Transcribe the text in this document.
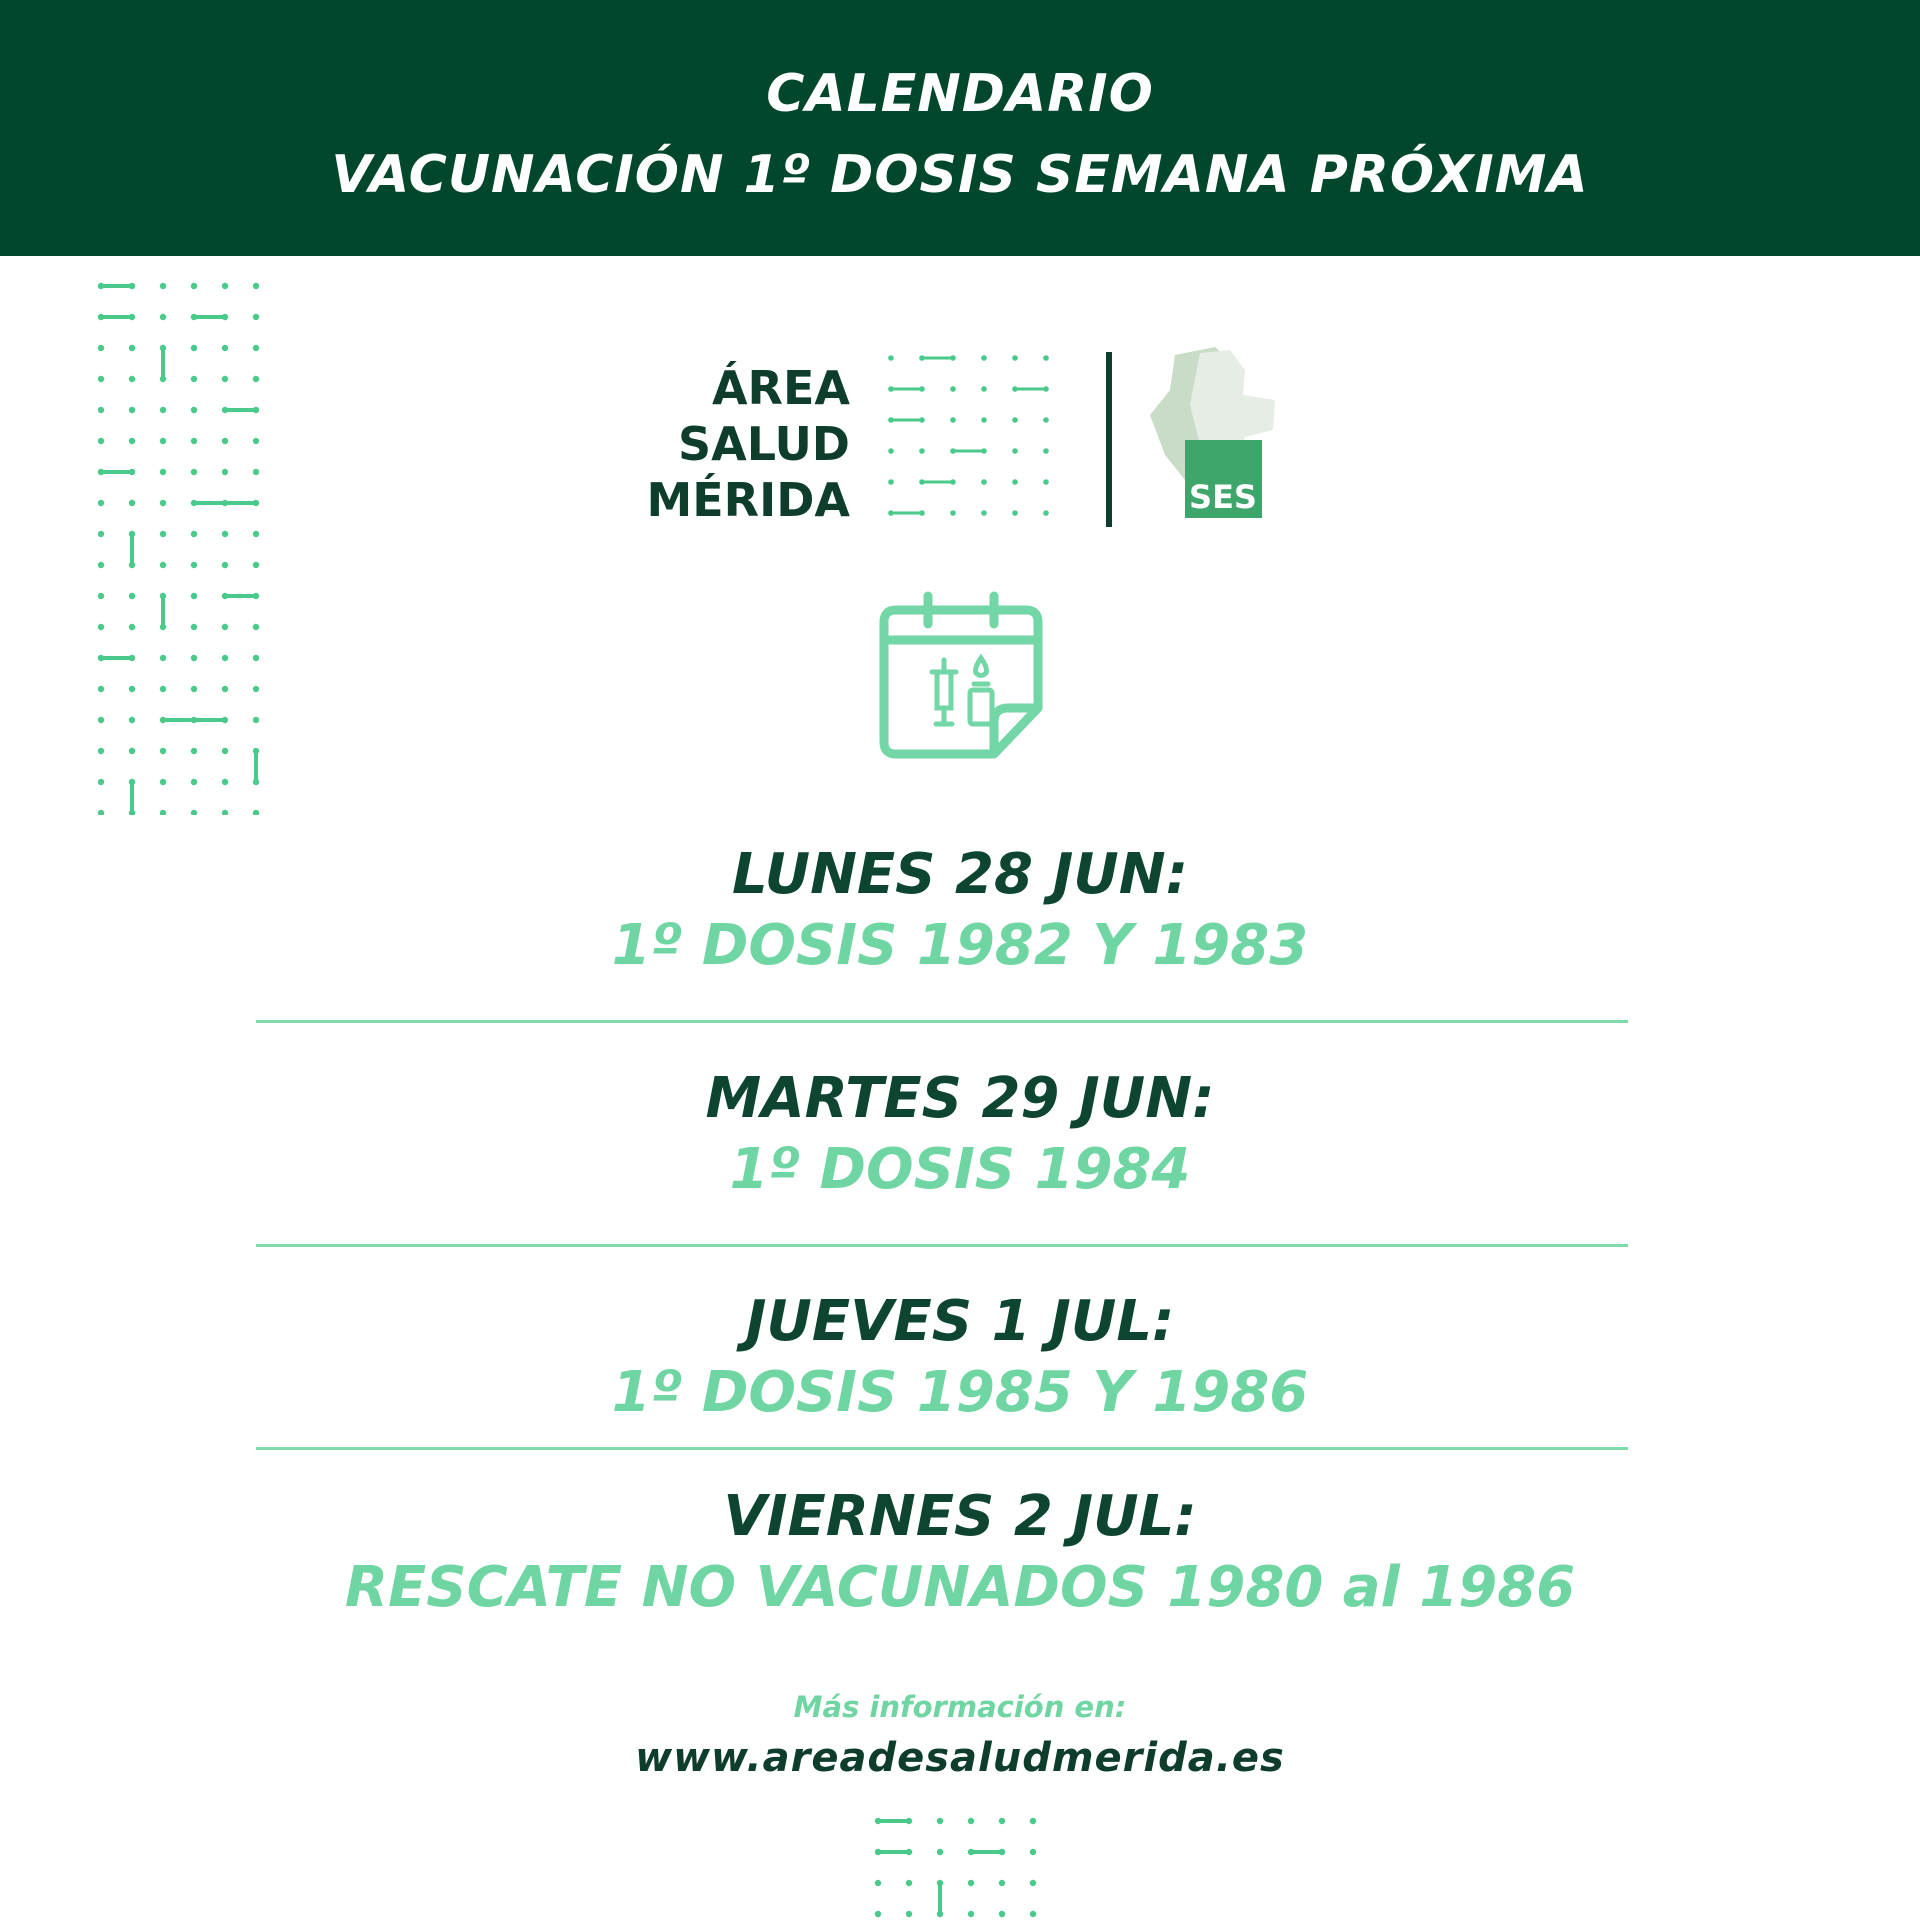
CALENDARIO
VACUNACIÓN 1º DOSIS SEMANA PRÓXIMA
ÁREA
SALUD
MÉRIDA	SES
LUNES 28 JUN:
1º DOSIS 1982 Y 1983
MARTES 29 JUN:
1º DOSIS 1984
JUEVES 1 JUL:
1º DOSIS 1985 Y 1986
VIERNES 2 JUL:
RESCATE NO VACUNADOS 1980 al 1986
Más información en:
www.areadesaludmerida.es
